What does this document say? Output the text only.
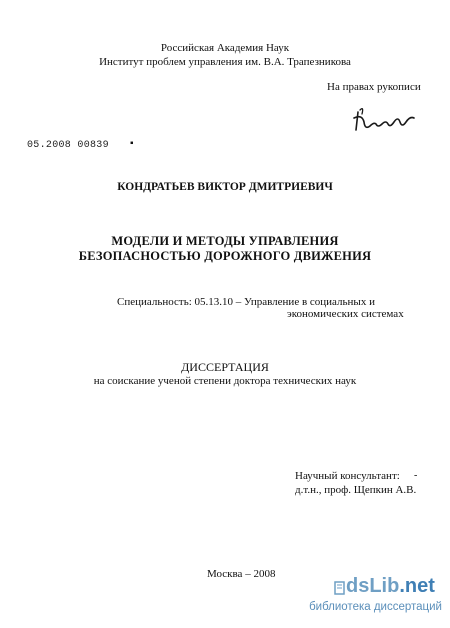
Российская Академия Наук
Институт проблем управления им. В.А. Трапезникова
На правах рукописи
05.2008 00839 ▪
КОНДРАТЬЕВ ВИКТОР ДМИТРИЕВИЧ
МОДЕЛИ И МЕТОДЫ УПРАВЛЕНИЯ
БЕЗОПАСНОСТЬЮ ДОРОЖНОГО ДВИЖЕНИЯ
Специальность: 05.13.10 – Управление в социальных и
экономических системах
ДИССЕРТАЦИЯ
на соискание ученой степени доктора технических наук
Научный консультант: -
д.т.н., проф. Щепкин А.В.
Москва – 2008
dsLib.net
библиотека диссертаций
